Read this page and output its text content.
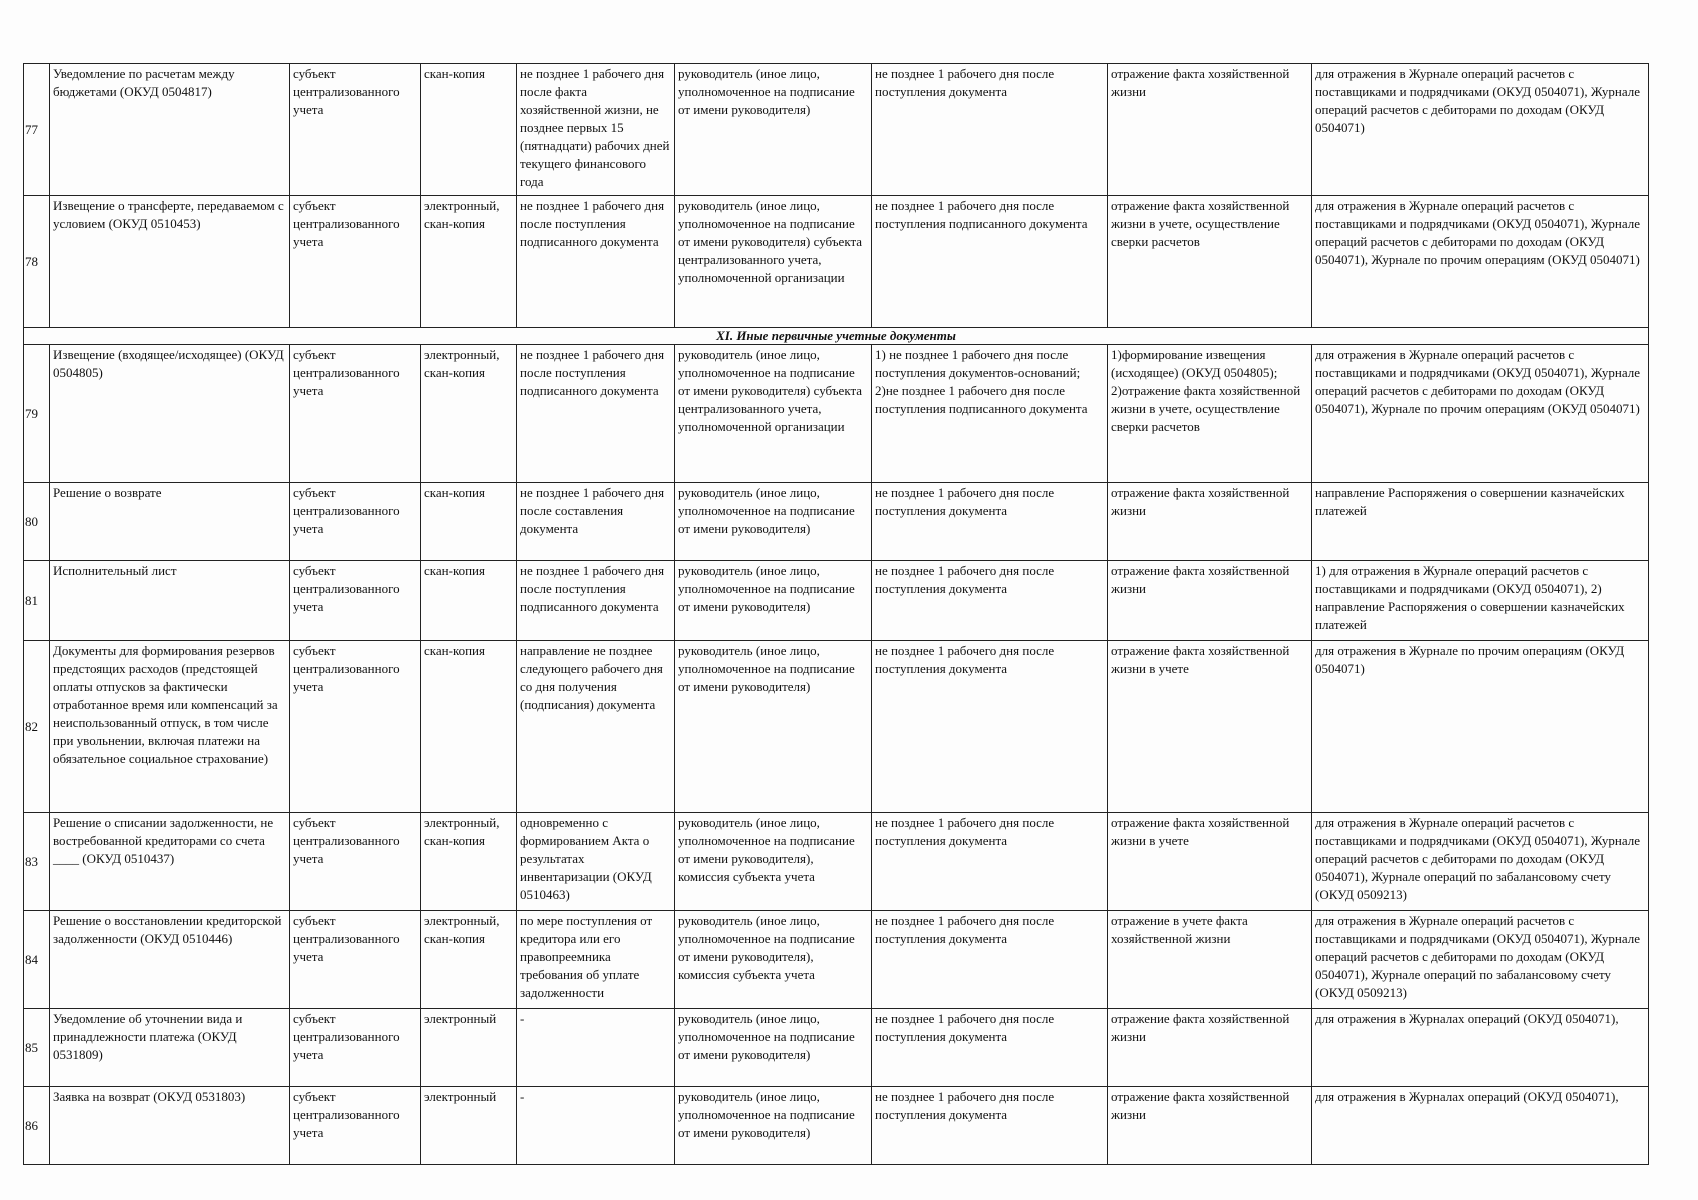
77	Уведомление по расчетам между бюджетами (ОКУД 0504817)	субъект централизованного учета	скан-копия	не позднее 1 рабочего дня после факта хозяйственной жизни, не позднее первых 15 (пятнадцати) рабочих дней текущего финансового года	руководитель (иное лицо, уполномоченное на подписание от имени руководителя)	не позднее 1 рабочего дня после поступления документа	отражение факта хозяйственной жизни	для отражения в Журнале операций расчетов с поставщиками и подрядчиками (ОКУД 0504071), Журнале операций расчетов с дебиторами по доходам (ОКУД 0504071)
78	Извещение о трансферте, передаваемом с условием (ОКУД 0510453)	субъект централизованного учета	электронный, скан-копия	не позднее 1 рабочего дня после поступления подписанного документа	руководитель (иное лицо, уполномоченное на подписание от имени руководителя) субъекта централизованного учета, уполномоченной организации	не позднее 1 рабочего дня после поступления подписанного документа	отражение факта хозяйственной жизни в учете, осуществление сверки расчетов	для отражения в Журнале операций расчетов с поставщиками и подрядчиками (ОКУД 0504071), Журнале операций расчетов с дебиторами по доходам (ОКУД 0504071), Журнале по прочим операциям (ОКУД 0504071)
XI. Иные первичные учетные документы								
79	Извещение (входящее/исходящее) (ОКУД 0504805)	субъект централизованного учета	электронный, скан-копия	не позднее 1 рабочего дня после поступления подписанного документа	руководитель (иное лицо, уполномоченное на подписание от имени руководителя) субъекта централизованного учета, уполномоченной организации	1) не позднее 1 рабочего дня после поступления документов-оснований; 2)не позднее 1 рабочего дня после поступления подписанного документа	1)формирование извещения (исходящее) (ОКУД 0504805); 2)отражение факта хозяйственной жизни в учете, осуществление сверки расчетов	для отражения в Журнале операций расчетов с поставщиками и подрядчиками (ОКУД 0504071), Журнале операций расчетов с дебиторами по доходам (ОКУД 0504071), Журнале по прочим операциям (ОКУД 0504071)
80	Решение о возврате	субъект централизованного учета	скан-копия	не позднее 1 рабочего дня после составления документа	руководитель (иное лицо, уполномоченное на подписание от имени руководителя)	не позднее 1 рабочего дня после поступления документа	отражение факта хозяйственной жизни	направление Распоряжения о совершении казначейских платежей
81	Исполнительный лист	субъект централизованного учета	скан-копия	не позднее 1 рабочего дня после поступления подписанного документа	руководитель (иное лицо, уполномоченное на подписание от имени руководителя)	не позднее 1 рабочего дня после поступления документа	отражение факта хозяйственной жизни	1) для отражения в Журнале операций расчетов с поставщиками и подрядчиками (ОКУД 0504071), 2) направление Распоряжения о совершении казначейских платежей
82	Документы для формирования резервов предстоящих расходов (предстоящей оплаты отпусков за фактически отработанное время или компенсаций за неиспользованный отпуск, в том числе при увольнении, включая платежи на обязательное социальное страхование)	субъект централизованного учета	скан-копия	направление не позднее следующего рабочего дня со дня получения (подписания) документа	руководитель (иное лицо, уполномоченное на подписание от имени руководителя)	не позднее 1 рабочего дня после поступления документа	отражение факта хозяйственной жизни в учете	для отражения в Журнале по прочим операциям (ОКУД 0504071)
83	Решение о списании задолженности, не востребованной кредиторами со счета ____ (ОКУД 0510437)	субъект централизованного учета	электронный, скан-копия	одновременно с формированием Акта о результатах инвентаризации (ОКУД 0510463)	руководитель (иное лицо, уполномоченное на подписание от имени руководителя), комиссия субъекта учета	не позднее 1 рабочего дня после поступления документа	отражение факта хозяйственной жизни в учете	для отражения в Журнале операций расчетов с поставщиками и подрядчиками (ОКУД 0504071), Журнале операций расчетов с дебиторами по доходам (ОКУД 0504071), Журнале операций по забалансовому счету (ОКУД 0509213)
84	Решение о восстановлении кредиторской задолженности (ОКУД 0510446)	субъект централизованного учета	электронный, скан-копия	по мере поступления от кредитора или его правопреемника требования об уплате задолженности	руководитель (иное лицо, уполномоченное на подписание от имени руководителя), комиссия субъекта учета	не позднее 1 рабочего дня после поступления документа	отражение в учете факта хозяйственной жизни	для отражения в Журнале операций расчетов с поставщиками и подрядчиками (ОКУД 0504071), Журнале операций расчетов с дебиторами по доходам (ОКУД 0504071), Журнале операций по забалансовому счету (ОКУД 0509213)
85	Уведомление об уточнении вида и принадлежности платежа (ОКУД 0531809)	субъект централизованного учета	электронный	-	руководитель (иное лицо, уполномоченное на подписание от имени руководителя)	не позднее 1 рабочего дня после поступления документа	отражение факта хозяйственной жизни	для отражения в Журналах операций (ОКУД 0504071),
86	Заявка на возврат (ОКУД 0531803)	субъект централизованного учета	электронный	-	руководитель (иное лицо, уполномоченное на подписание от имени руководителя)	не позднее 1 рабочего дня после поступления документа	отражение факта хозяйственной жизни	для отражения в Журналах операций (ОКУД 0504071),
